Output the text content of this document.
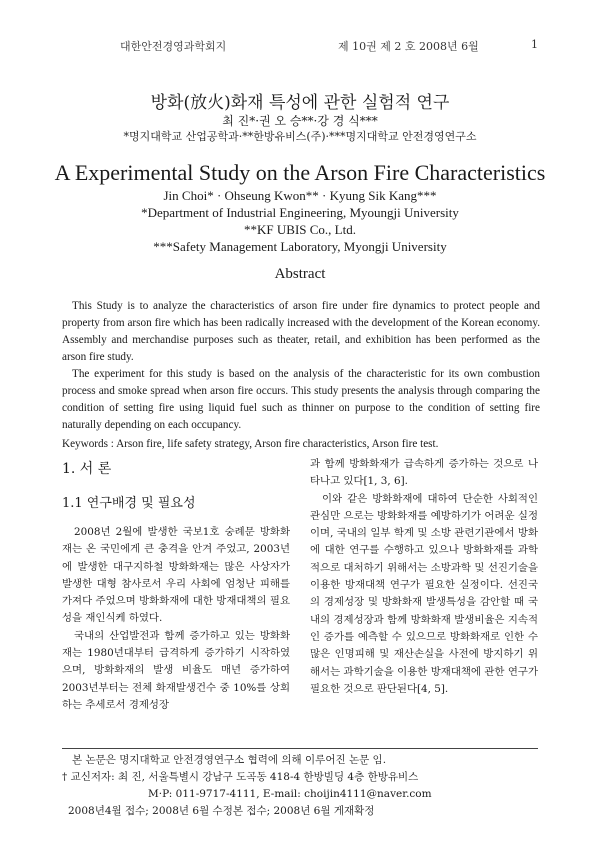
대한안전경영과학회지	제 10권 제 2 호 2008년 6월	1
방화(放火)화재 특성에 관한 실험적 연구
최 진*·권 오 승**·강 경 식***
*명지대학교 산업공학과·**한방유비스(주)·***명지대학교 안전경영연구소
A Experimental Study on the Arson Fire Characteristics
Jin Choi* · Ohseung Kwon** · Kyung Sik Kang***
*Department of Industrial Engineering, Myoungji University
**KF UBIS Co., Ltd.
***Safety Management Laboratory, Myongji University
Abstract

This Study is to analyze the characteristics of arson fire under fire dynamics to protect people and property from arson fire which has been radically increased with the development of the Korean economy. Assembly and merchandise purposes such as theater, retail, and exhibition has been performed as the arson fire study.

The experiment for this study is based on the analysis of the characteristic for its own combustion process and smoke spread when arson fire occurs. This study presents the analysis through comparing the condition of setting fire using liquid fuel such as thinner on purpose to the condition of setting fire naturally depending on each occupancy.

Keywords : Arson fire, life safety strategy, Arson fire characteristics, Arson fire test.
1. 서 론
1.1 연구배경 및 필요성

2008년 2월에 발생한 국보1호 숭례문 방화화재는 온 국민에게 큰 충격을 안겨 주었고, 2003년에 발생한 대구지하철 방화화재는 많은 사상자가 발생한 대형 참사로서 우리 사회에 엄청난 피해를 가져다 주었으며 방화화재에 대한 방재대책의 필요성을 재인식케 하였다.

국내의 산업발전과 함께 증가하고 있는 방화화재는 1980년대부터 급격하게 증가하기 시작하였으며, 방화화재의 발생 비율도 매년 증가하여 2003년부터는 전체 화재발생건수 중 10%를 상회하는 추세로서 경제성장

과 함께 방화화재가 급속하게 증가하는 것으로 나타나고 있다[1, 3, 6].

이와 같은 방화화재에 대하여 단순한 사회적인 관심만 으로는 방화화재를 예방하기가 어려운 실정이며, 국내의 일부 학계 및 소방 관련기관에서 방화에 대한 연구를 수행하고 있으나 방화화재를 과학적으로 대처하기 위해서는 소방과학 및 선진기술을 이용한 방재대책 연구가 필요한 실정이다. 선진국의 경제성장 및 방화화재 발생특성을 감안할 때 국내의 경제성장과 함께 방화화재 발생비율은 지속적인 증가를 예측할 수 있으므로 방화화재로 인한 수많은 인명피해 및 재산손실을 사전에 방지하기 위해서는 과학기술을 이용한 방재대책에 관한 연구가 필요한 것으로 판단된다[4, 5].

본 논문은 명지대학교 안전경영연구소 협력에 의해 이루어진 논문 임.
† 교신저자: 최 진, 서울특별시 강남구 도곡동 418-4 한방빌딩 4층 한방유비스
M·P: 011-9717-4111, E-mail: choijin4111@naver.com
2008년4월 접수; 2008년 6월 수정본 접수; 2008년 6월 게재확정
